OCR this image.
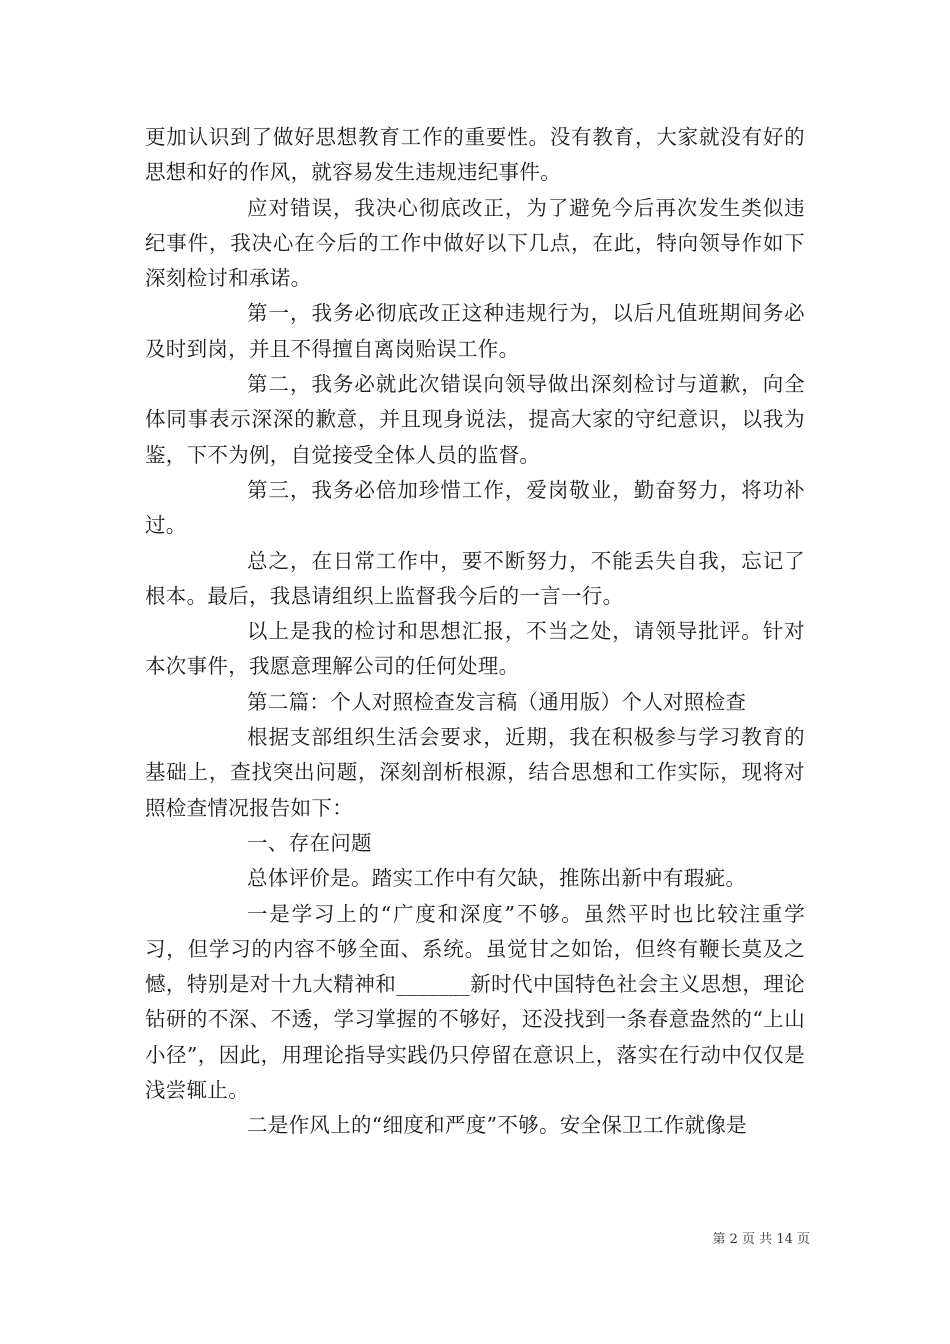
更加认识到了做好思想教育工作的重要性。没有教育，大家就没有好的思想和好的作风，就容易发生违规违纪事件。

应对错误，我决心彻底改正，为了避免今后再次发生类似违纪事件，我决心在今后的工作中做好以下几点，在此，特向领导作如下深刻检讨和承诺。

第一，我务必彻底改正这种违规行为，以后凡值班期间务必及时到岗，并且不得擅自离岗贻误工作。

第二，我务必就此次错误向领导做出深刻检讨与道歉，向全体同事表示深深的歉意，并且现身说法，提高大家的守纪意识，以我为鉴，下不为例，自觉接受全体人员的监督。

第三，我务必倍加珍惜工作，爱岗敬业，勤奋努力，将功补过。

总之，在日常工作中，要不断努力，不能丢失自我，忘记了根本。最后，我恳请组织上监督我今后的一言一行。

以上是我的检讨和思想汇报，不当之处，请领导批评。针对本次事件，我愿意理解公司的任何处理。

第二篇：个人对照检查发言稿（通用版）个人对照检查

根据支部组织生活会要求，近期，我在积极参与学习教育的基础上，查找突出问题，深刻剖析根源，结合思想和工作实际，现将对照检查情况报告如下：

一、存在问题

总体评价是。踏实工作中有欠缺，推陈出新中有瑕疵。

一是学习上的“广度和深度”不够。虽然平时也比较注重学习，但学习的内容不够全面、系统。虽觉甘之如饴，但终有鞭长莫及之憾，特别是对十九大精神和_______新时代中国特色社会主义思想，理论钻研的不深、不透，学习掌握的不够好，还没找到一条春意盎然的“上山小径”，因此，用理论指导实践仍只停留在意识上，落实在行动中仅仅是浅尝辄止。

二是作风上的“细度和严度”不够。安全保卫工作就像是

第 2 页 共 14 页
